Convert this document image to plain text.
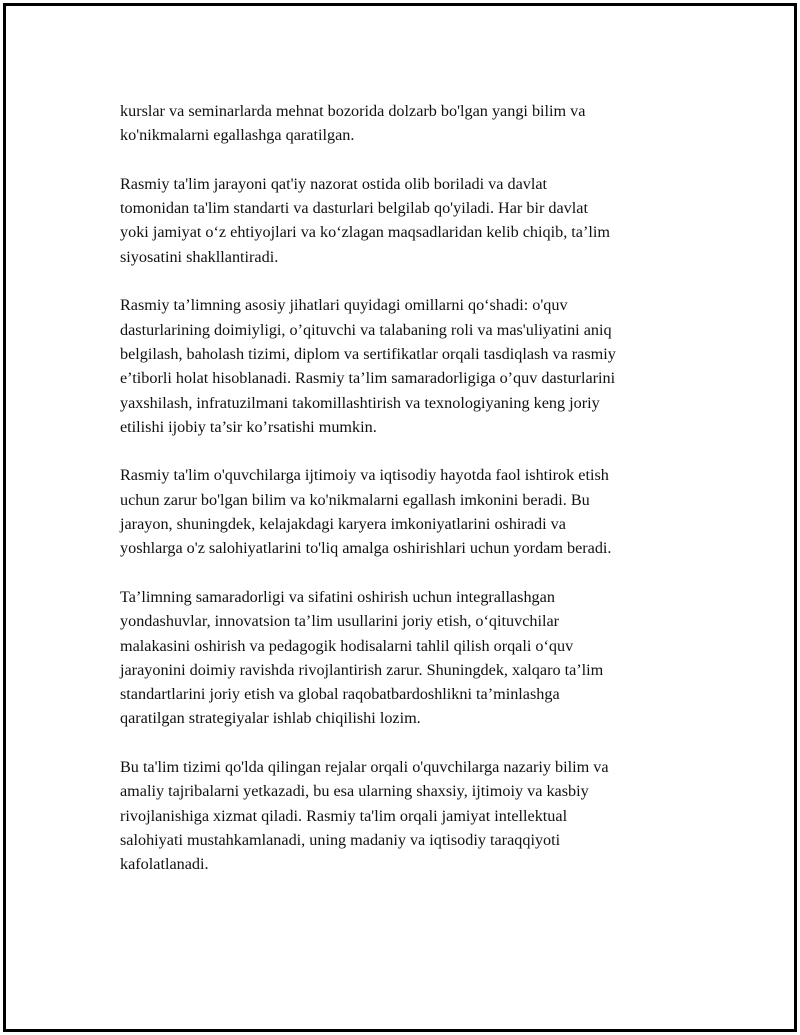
kurslar va seminarlarda mehnat bozorida dolzarb bo'lgan yangi bilim va
ko'nikmalarni egallashga qaratilgan.

Rasmiy ta'lim jarayoni qat'iy nazorat ostida olib boriladi va davlat
tomonidan ta'lim standarti va dasturlari belgilab qo'yiladi. Har bir davlat
yoki jamiyat o‘z ehtiyojlari va ko‘zlagan maqsadlaridan kelib chiqib, ta’lim
siyosatini shakllantiradi.

Rasmiy ta’limning asosiy jihatlari quyidagi omillarni qo‘shadi: o'quv
dasturlarining doimiyligi, o’qituvchi va talabaning roli va mas'uliyatini aniq
belgilash, baholash tizimi, diplom va sertifikatlar orqali tasdiqlash va rasmiy
e’tiborli holat hisoblanadi. Rasmiy ta’lim samaradorligiga o’quv dasturlarini
yaxshilash, infratuzilmani takomillashtirish va texnologiyaning keng joriy
etilishi ijobiy ta’sir ko’rsatishi mumkin.

Rasmiy ta'lim o'quvchilarga ijtimoiy va iqtisodiy hayotda faol ishtirok etish
uchun zarur bo'lgan bilim va ko'nikmalarni egallash imkonini beradi. Bu
jarayon, shuningdek, kelajakdagi karyera imkoniyatlarini oshiradi va
yoshlarga o'z salohiyatlarini to'liq amalga oshirishlari uchun yordam beradi.

Ta’limning samaradorligi va sifatini oshirish uchun integrallashgan
yondashuvlar, innovatsion ta’lim usullarini joriy etish, o‘qituvchilar
malakasini oshirish va pedagogik hodisalarni tahlil qilish orqali o‘quv
jarayonini doimiy ravishda rivojlantirish zarur. Shuningdek, xalqaro ta’lim
standartlarini joriy etish va global raqobatbardoshlikni ta’minlashga
qaratilgan strategiyalar ishlab chiqilishi lozim.

Bu ta'lim tizimi qo'lda qilingan rejalar orqali o'quvchilarga nazariy bilim va
amaliy tajribalarni yetkazadi, bu esa ularning shaxsiy, ijtimoiy va kasbiy
rivojlanishiga xizmat qiladi. Rasmiy ta'lim orqali jamiyat intellektual
salohiyati mustahkamlanadi, uning madaniy va iqtisodiy taraqqiyoti
kafolatlanadi.
